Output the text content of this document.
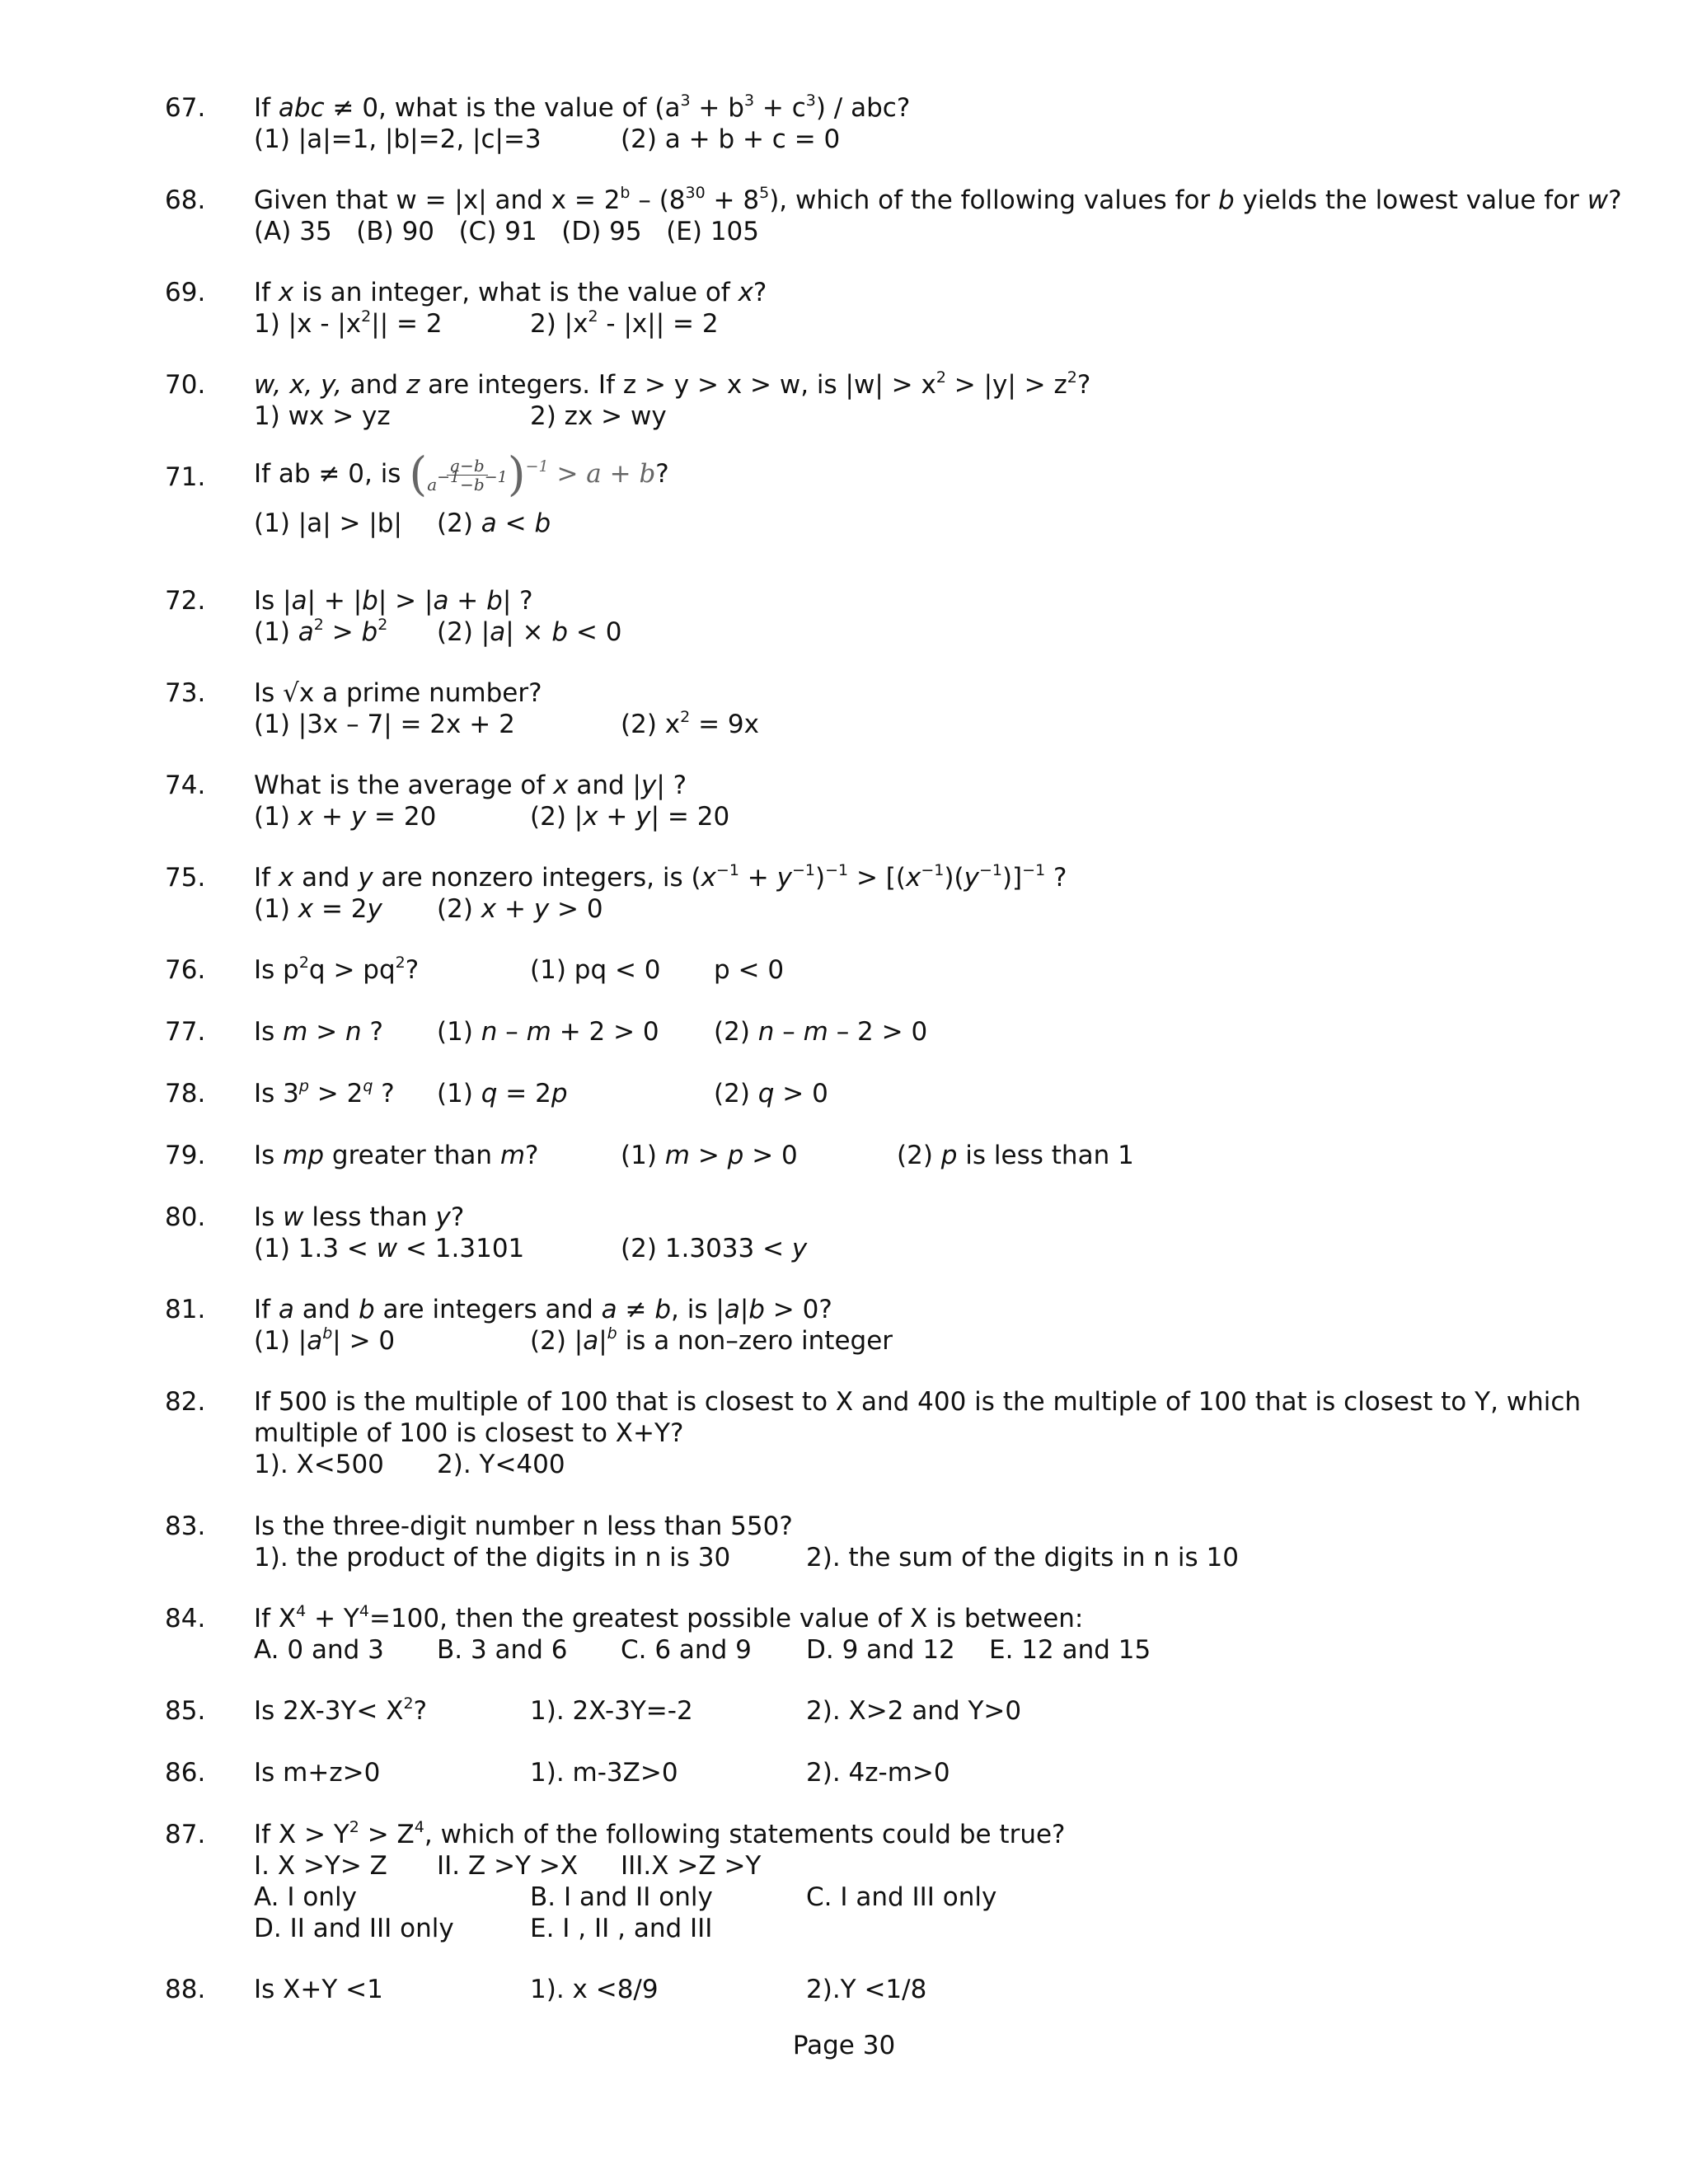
67. If abc ≠ 0, what is the value of $(a^3 + b^3 + c^3)$ / abc?
(1) |a|=1, |b|=2, |c|=3	(2) a + b + c = 0
68. Given that w = |x| and $x = 2^b - (8^{30} + 8^5)$, which of the following values for b yields the lowest value for w?
(A) 35   (B) 90   (C) 91   (D) 95   (E) 105
69. If x is an integer, what is the value of x?
1) $|x - |x^2|| = 2$	2) $|x^2 - |x|| = 2$
70. w, x, y, and z are integers. If z > y > x > w, is $|w| > x^2 > |y| > z^2$?
1) wx > yz	2) zx > wy
71. If ab ≠ 0, is ( $\frac{a-b}{a^{-1}-b^{-1}} )^{-1} > a + b$?
(1) |a| > |b| (2) a < b
72. Is |a| + |b| > |a + b| ?
(1) $a^2 > b^2$ (2) |a| × b < 0
73. Is √x a prime number?
(1) |3x – 7| = 2x + 2	(2) $x^2 = 9x$
74. What is the average of x and |y| ?
(1) x + y = 20	(2) |x + y| = 20
75. If x and y are nonzero integers, is $(x^{-1} + y^{-1})^{-1} > [(x^{-1})(y^{-1})]^{-1}$ ?
(1) x = 2y (2) x + y > 0
76. Is $p^2q > pq^2$?	(1) pq < 0 p < 0
77. Is m > n ? (1) n – m + 2 > 0 (2) n – m – 2 > 0
78. Is $3^p > 2^q$ ? (1) q = 2p	(2) q > 0
79. Is mp greater than m?	(1) m > p > 0	(2) p is less than 1
80. Is w less than y?
(1) 1.3 < w < 1.3101	(2) 1.3033 < y
81. If a and b are integers and a ≠ b, is |a|b > 0?
(1) $|a^b| > 0$	(2) $|a|^b$ is a non–zero integer
82. If 500 is the multiple of 100 that is closest to X and 400 is the multiple of 100 that is closest to Y, which
multiple of 100 is closest to X+Y?
1). X<500 2). Y<400
83. Is the three-digit number n less than 550?
1). the product of the digits in n is 30	2). the sum of the digits in n is 10
84. If $X^4 + Y^4=100$, then the greatest possible value of X is between:
A. 0 and 3 B. 3 and 6 C. 6 and 9 D. 9 and 12 E. 12 and 15
85. Is $2X-3Y< X^2$?	1). 2X-3Y=-2	2). X>2 and Y>0
86. Is m+z>0	1). m-3Z>0	2). 4z-m>0
87. If $X > Y^2 > Z^4$, which of the following statements could be true?
I. X >Y> Z II. Z >Y >X III.X >Z >Y
A. I only	B. I and II only	C. I and III only
D. II and III only	E. I , II , and III
88. Is X+Y <1	1). x <8/9	2).Y <1/8
Page 30
